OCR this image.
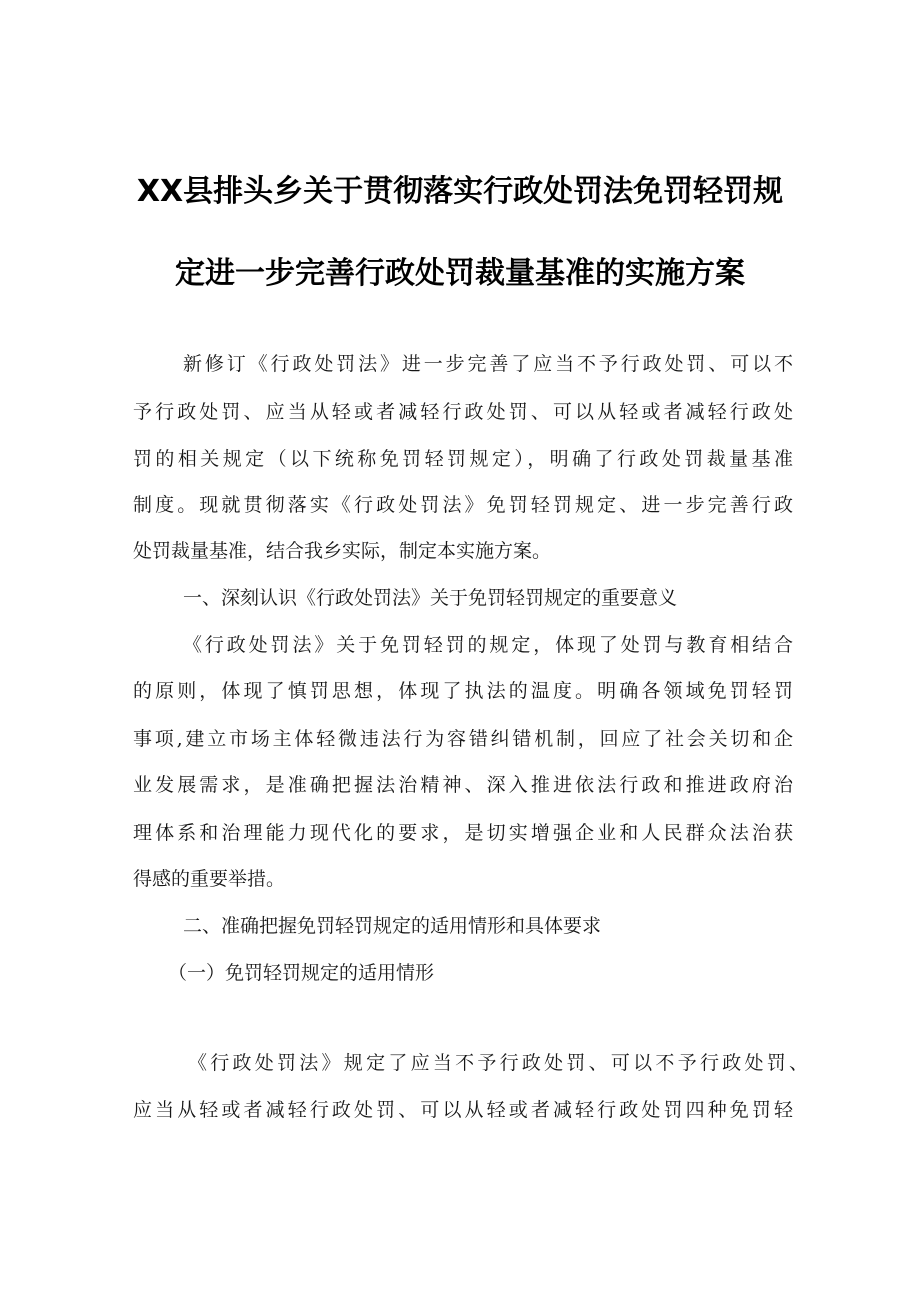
XX县排头乡关于贯彻落实行政处罚法免罚轻罚规
定进一步完善行政处罚裁量基准的实施方案
新修订《行政处罚法》进一步完善了应当不予行政处罚、可以不
予行政处罚、应当从轻或者减轻行政处罚、可以从轻或者减轻行政处
罚的相关规定（以下统称免罚轻罚规定），明确了行政处罚裁量基准
制度。现就贯彻落实《行政处罚法》免罚轻罚规定、进一步完善行政
处罚裁量基准，结合我乡实际，制定本实施方案。
一、深刻认识《行政处罚法》关于免罚轻罚规定的重要意义
《行政处罚法》关于免罚轻罚的规定，体现了处罚与教育相结合
的原则，体现了慎罚思想，体现了执法的温度。明确各领域免罚轻罚
事项,建立市场主体轻微违法行为容错纠错机制，回应了社会关切和企
业发展需求，是准确把握法治精神、深入推进依法行政和推进政府治
理体系和治理能力现代化的要求，是切实增强企业和人民群众法治获
得感的重要举措。
二、准确把握免罚轻罚规定的适用情形和具体要求
（一）免罚轻罚规定的适用情形
《行政处罚法》规定了应当不予行政处罚、可以不予行政处罚、
应当从轻或者减轻行政处罚、可以从轻或者减轻行政处罚四种免罚轻
